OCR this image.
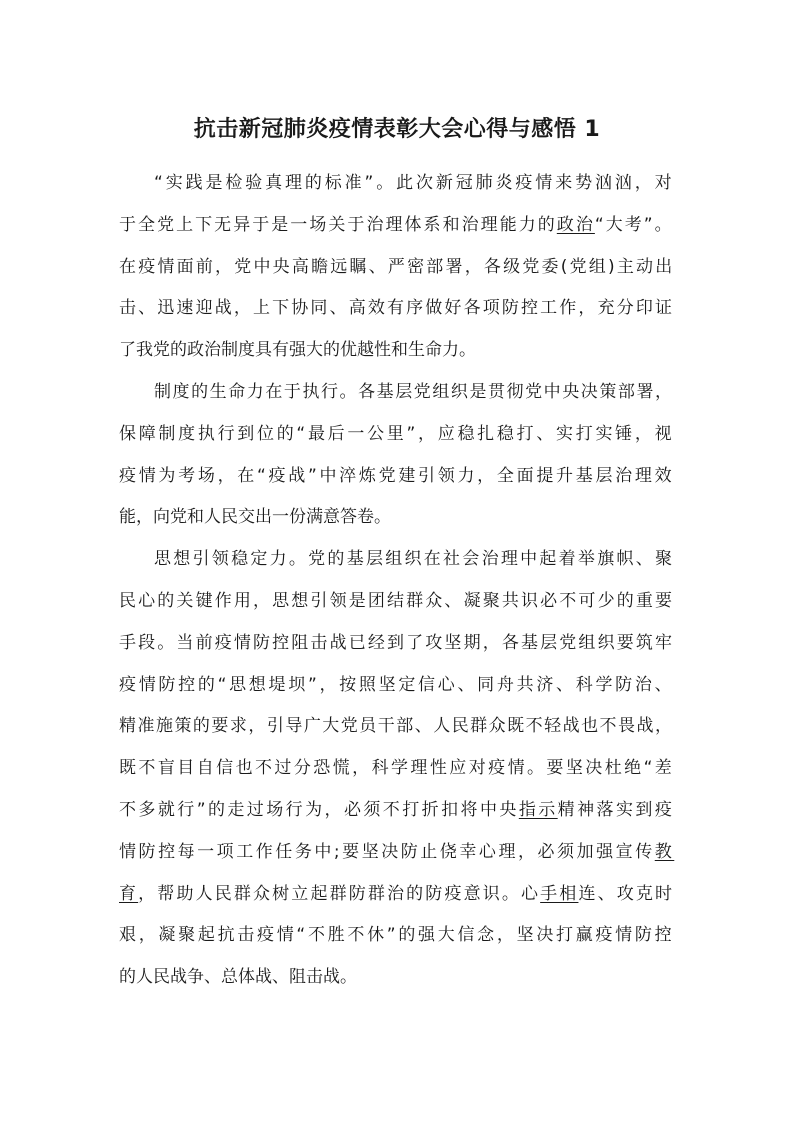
抗击新冠肺炎疫情表彰大会心得与感悟 1
“实践是检验真理的标准”。此次新冠肺炎疫情来势汹汹，对
于全党上下无异于是一场关于治理体系和治理能力的政治“大考”。
在疫情面前，党中央高瞻远瞩、严密部署，各级党委(党组)主动出
击、迅速迎战，上下协同、高效有序做好各项防控工作，充分印证
了我党的政治制度具有强大的优越性和生命力。
制度的生命力在于执行。各基层党组织是贯彻党中央决策部署，
保障制度执行到位的“最后一公里”，应稳扎稳打、实打实锤，视
疫情为考场，在“疫战”中淬炼党建引领力，全面提升基层治理效
能，向党和人民交出一份满意答卷。
思想引领稳定力。党的基层组织在社会治理中起着举旗帜、聚
民心的关键作用，思想引领是团结群众、凝聚共识必不可少的重要
手段。当前疫情防控阻击战已经到了攻坚期，各基层党组织要筑牢
疫情防控的“思想堤坝”，按照坚定信心、同舟共济、科学防治、
精准施策的要求，引导广大党员干部、人民群众既不轻战也不畏战，
既不盲目自信也不过分恐慌，科学理性应对疫情。要坚决杜绝“差
不多就行”的走过场行为，必须不打折扣将中央指示精神落实到疫
情防控每一项工作任务中;要坚决防止侥幸心理，必须加强宣传教
育，帮助人民群众树立起群防群治的防疫意识。心手相连、攻克时
艰，凝聚起抗击疫情“不胜不休”的强大信念，坚决打赢疫情防控
的人民战争、总体战、阻击战。
